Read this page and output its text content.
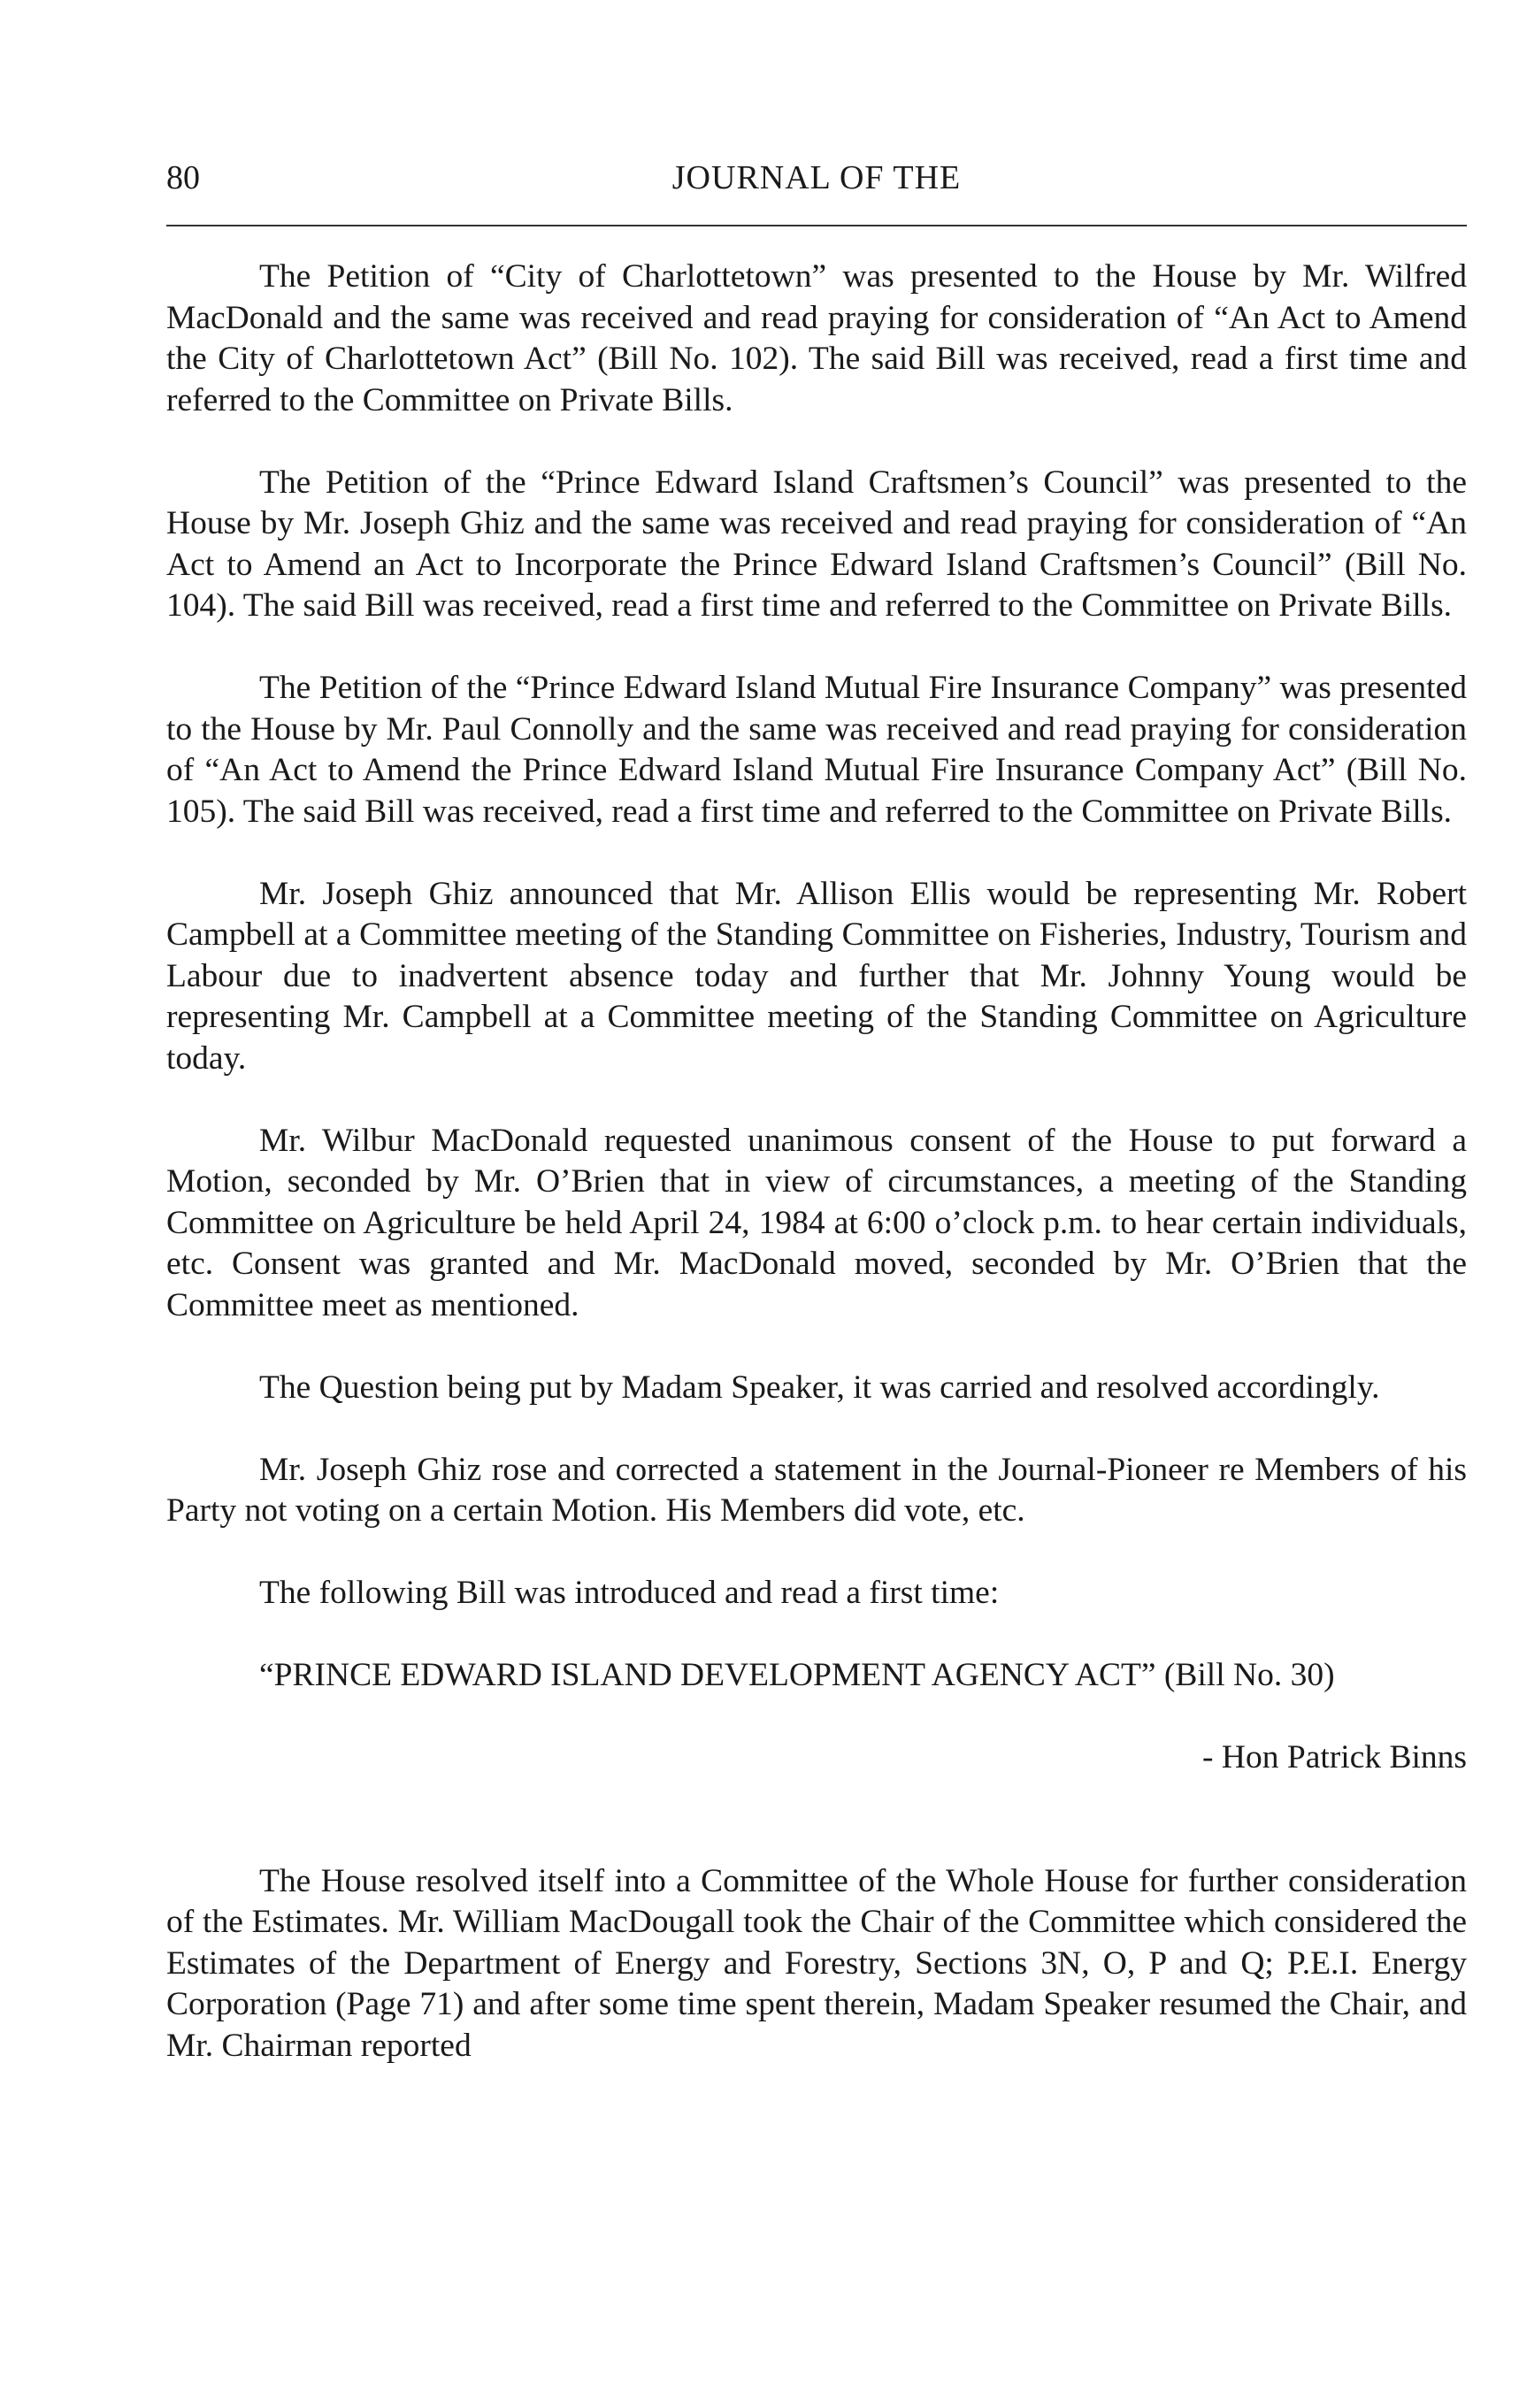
80	JOURNAL OF THE

The Petition of “City of Charlottetown” was presented to the House by Mr. Wilfred MacDonald and the same was received and read praying for consideration of “An Act to Amend the City of Charlottetown Act” (Bill No. 102). The said Bill was received, read a first time and referred to the Committee on Private Bills.

The Petition of the “Prince Edward Island Craftsmen’s Council” was presented to the House by Mr. Joseph Ghiz and the same was received and read praying for consideration of “An Act to Amend an Act to Incorporate the Prince Edward Island Craftsmen’s Council” (Bill No. 104). The said Bill was received, read a first time and referred to the Committee on Private Bills.

The Petition of the “Prince Edward Island Mutual Fire Insurance Company” was presented to the House by Mr. Paul Connolly and the same was received and read praying for consideration of “An Act to Amend the Prince Edward Island Mutual Fire Insurance Company Act” (Bill No. 105). The said Bill was received, read a first time and referred to the Committee on Private Bills.

Mr. Joseph Ghiz announced that Mr. Allison Ellis would be representing Mr. Robert Campbell at a Committee meeting of the Standing Committee on Fisheries, Industry, Tourism and Labour due to inadvertent absence today and further that Mr. Johnny Young would be representing Mr. Campbell at a Committee meeting of the Standing Committee on Agriculture today.

Mr. Wilbur MacDonald requested unanimous consent of the House to put forward a Motion, seconded by Mr. O’Brien that in view of circumstances, a meeting of the Standing Committee on Agriculture be held April 24, 1984 at 6:00 o’clock p.m. to hear certain individuals, etc. Consent was granted and Mr. MacDonald moved, seconded by Mr. O’Brien that the Committee meet as mentioned.

The Question being put by Madam Speaker, it was carried and resolved accordingly.

Mr. Joseph Ghiz rose and corrected a statement in the Journal-Pioneer re Members of his Party not voting on a certain Motion. His Members did vote, etc.

The following Bill was introduced and read a first time:

“PRINCE EDWARD ISLAND DEVELOPMENT AGENCY ACT” (Bill No. 30)

- Hon Patrick Binns

The House resolved itself into a Committee of the Whole House for further consideration of the Estimates. Mr. William MacDougall took the Chair of the Committee which considered the Estimates of the Department of Energy and Forestry, Sections 3N, O, P and Q; P.E.I. Energy Corporation (Page 71) and after some time spent therein, Madam Speaker resumed the Chair, and Mr. Chairman reported
